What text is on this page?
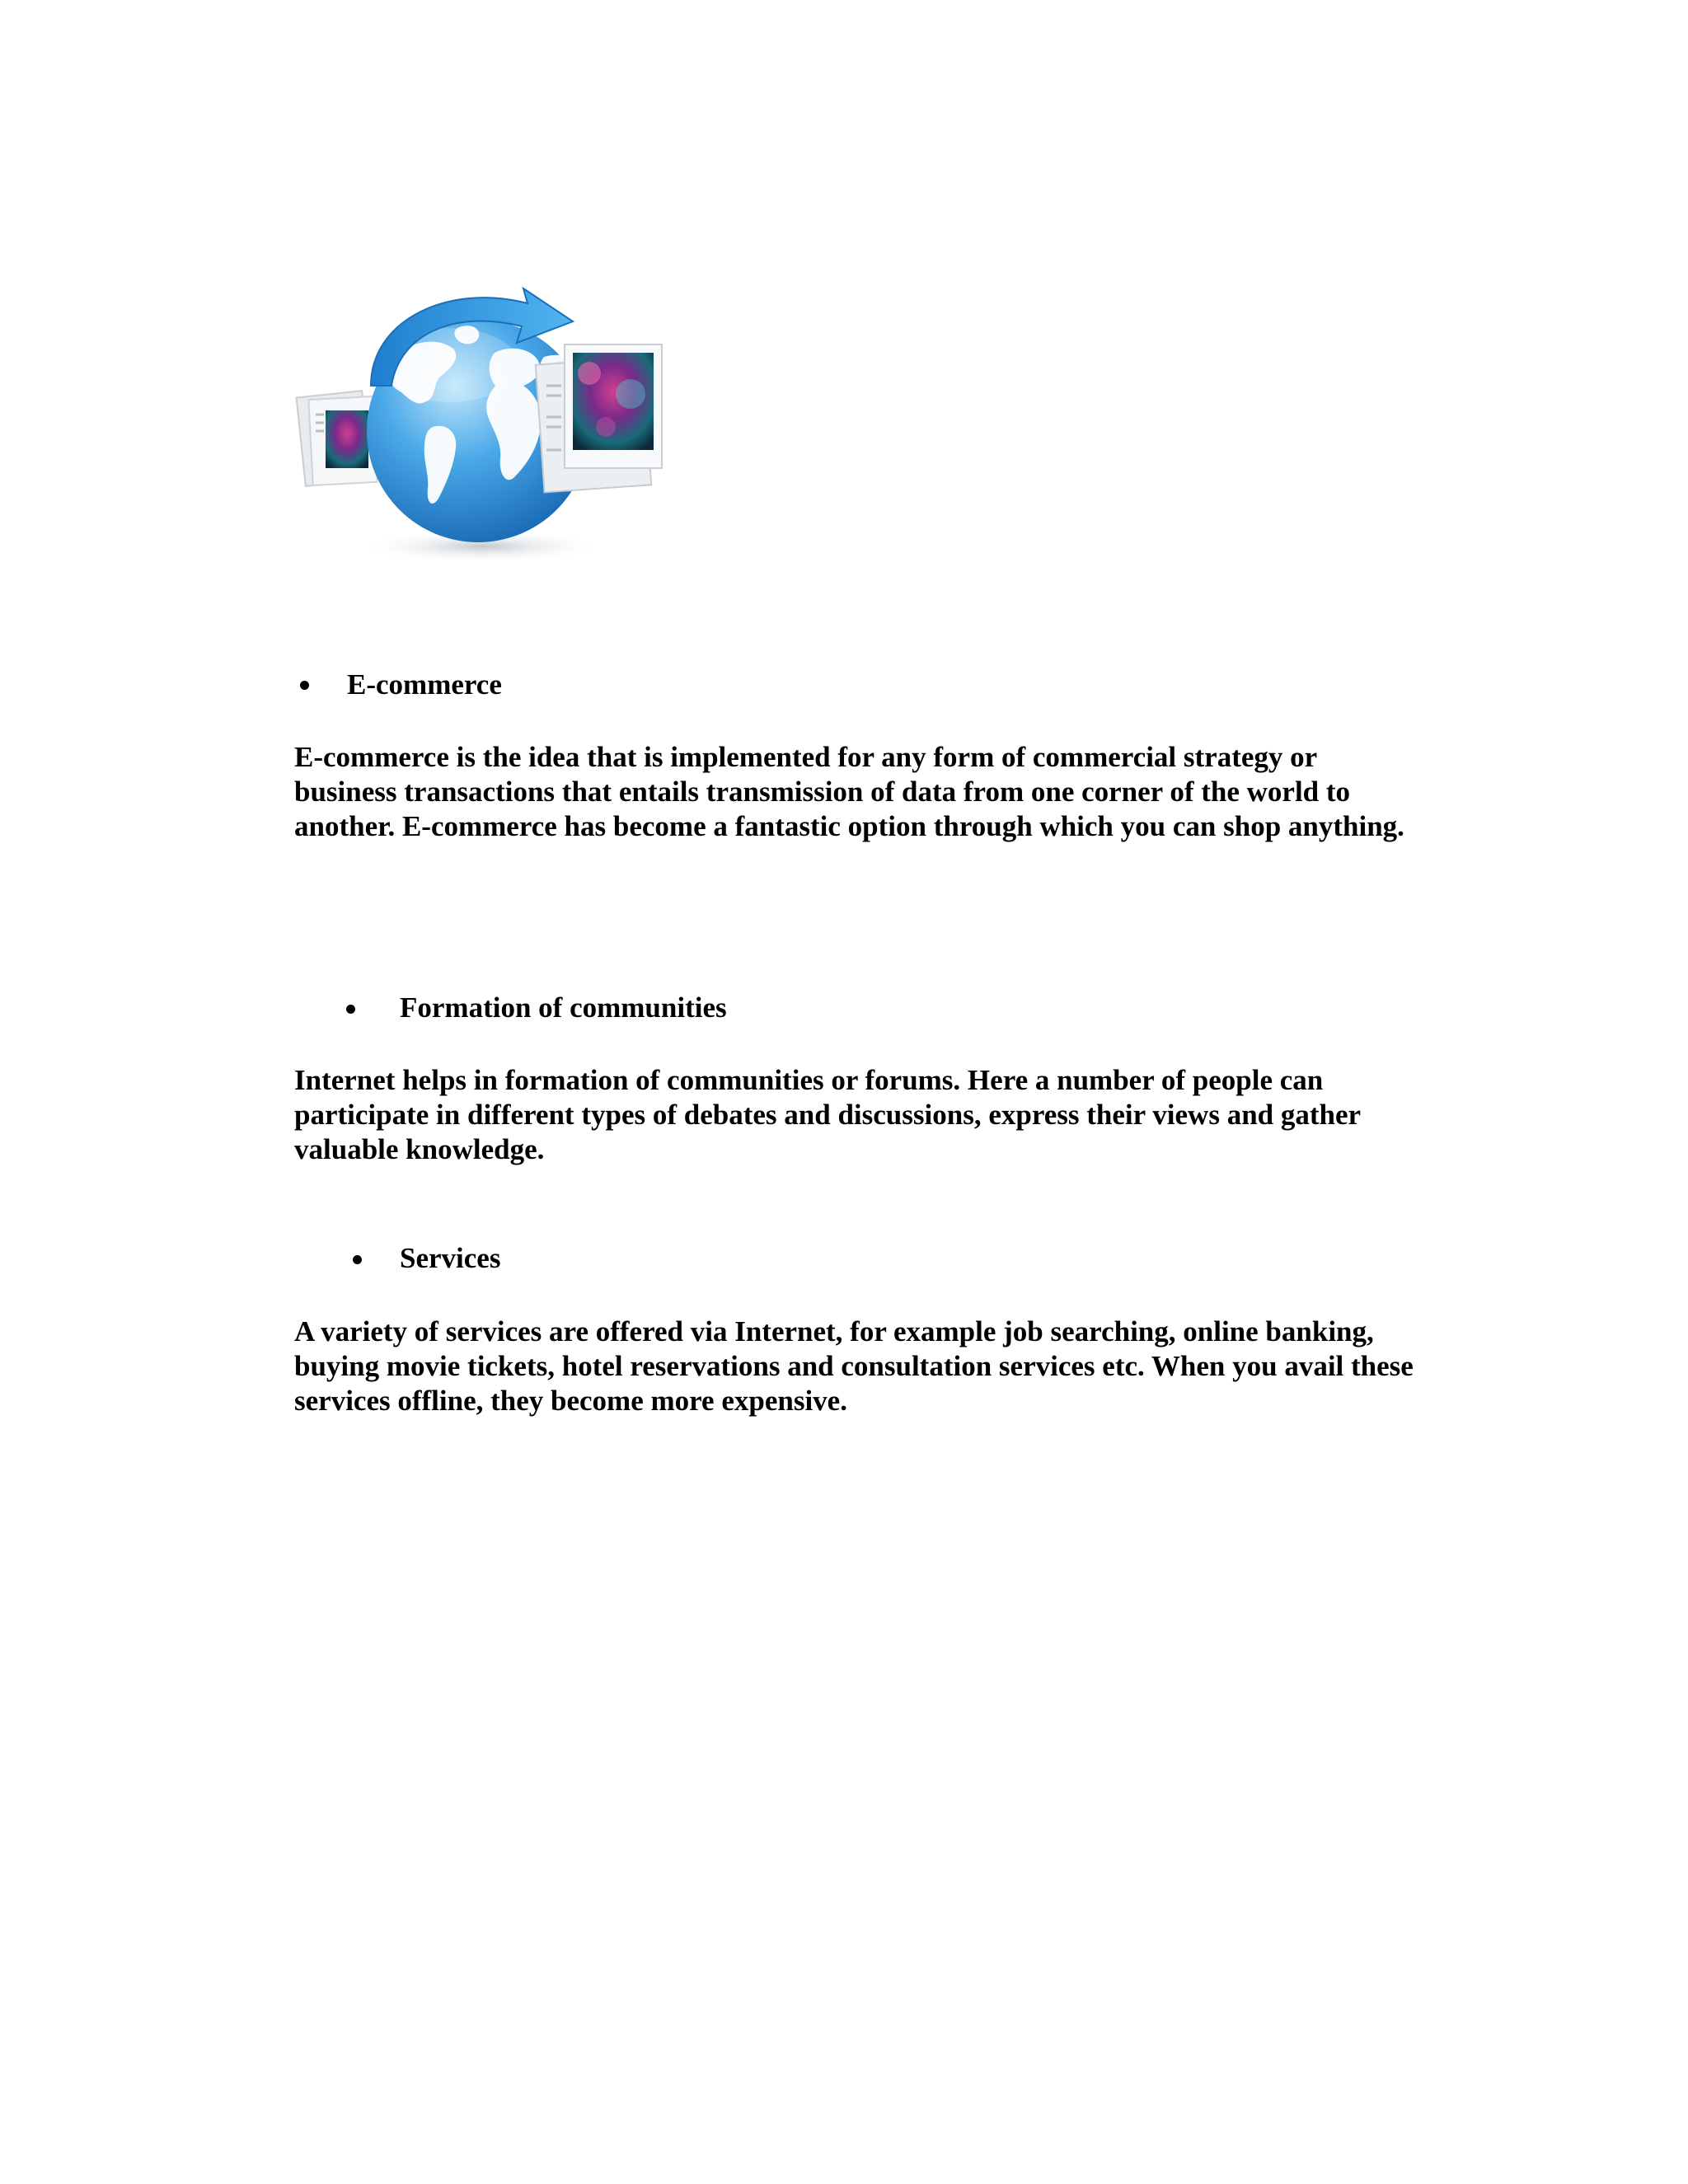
E-commerce

E-commerce is the idea that is implemented for any form of commercial strategy or
business transactions that entails transmission of data from one corner of the world to
another. E-commerce has become a fantastic option through which you can shop anything.

Formation of communities

Internet helps in formation of communities or forums. Here a number of people can
participate in different types of debates and discussions, express their views and gather
valuable knowledge.

Services

A variety of services are offered via Internet, for example job searching, online banking,
buying movie tickets, hotel reservations and consultation services etc. When you avail these
services offline, they become more expensive.
